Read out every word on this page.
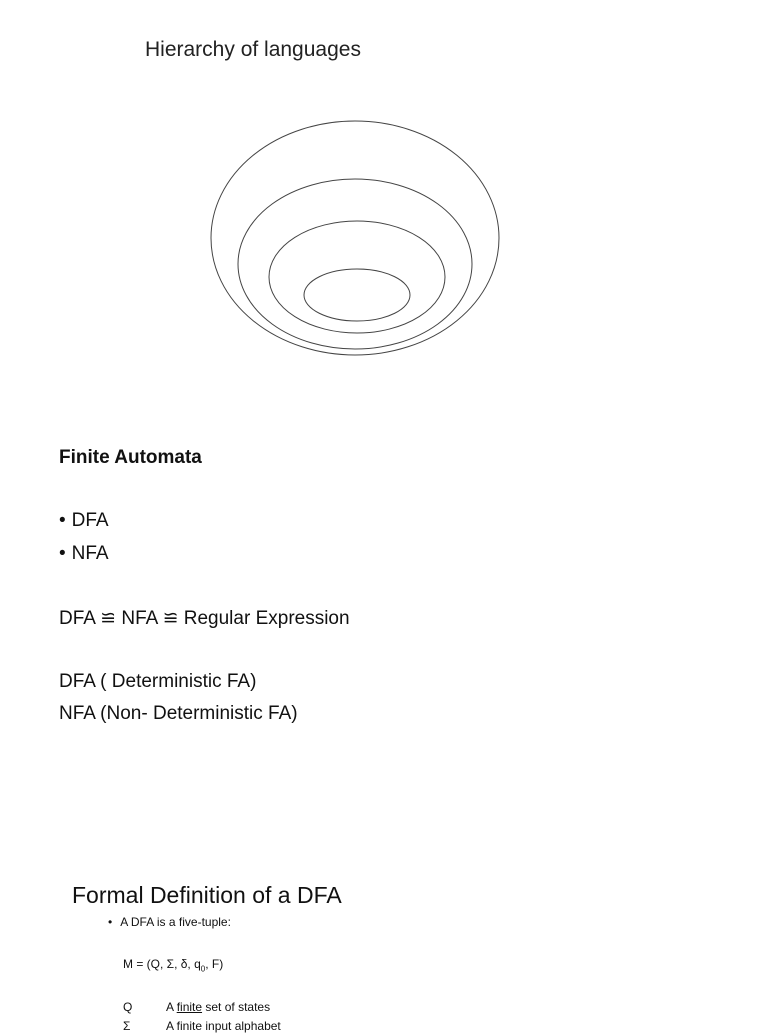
Hierarchy of languages
Finite Automata
• DFA
• NFA
DFA ≌ NFA ≌ Regular Expression
DFA ( Deterministic FA)
NFA (Non- Deterministic FA)
Formal Definition of a DFA
• A DFA is a five-tuple:
M = (Q, Σ, δ, $q_0$, F)
Q	A finite set of states
Σ	A finite input alphabet
